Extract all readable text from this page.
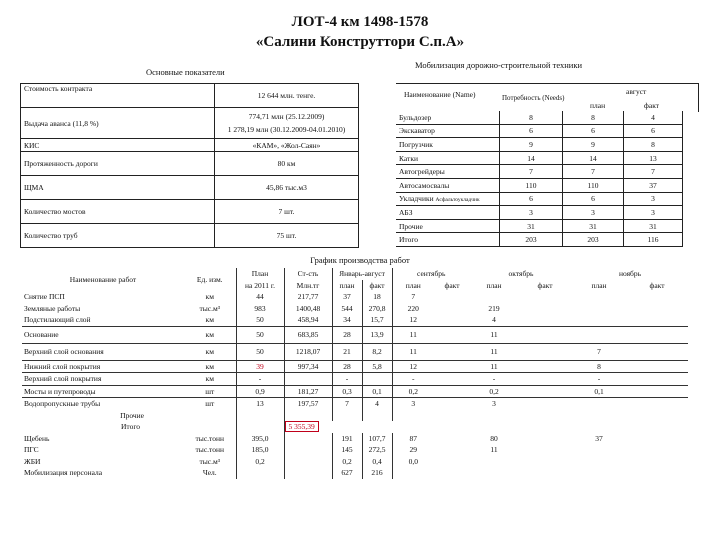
ЛОТ-4 км 1498-1578
«Салини Конструттори С.п.А»
Основные показатели
Мобилизация дорожно-строительной техники
Стоимость контракта	12 644 млн. тенге.
Выдача аванса (11,8 %)	774,71 млн (25.12.2009)
1 278,19 млн (30.12.2009-04.01.2010)

КИС	«КАМ», «Жол-Саян»
Протяженность дороги	80 км
ЩМА	45,86 тыс.м3
Количество мостов	7 шт.
Количество труб	75 шт.
Наименование (Name)	Потребность (Needs)
август
план	факт
Бульдозер	8	8	4
Экскаватор	6	6	6
Погрузчик	9	9	8
Катки	14	14	13
Автогрейдеры	7	7	7
Автосамосвалы	110	110	37
Укладчики Асфальтоукладчик	6	6	3
АБЗ	3	3	3
Прочие	31	31	31
Итого	203	203	116
График производства работ
Наименование работ	Ед. изм.	План	Ст-сть	Январь-август		сентябрь		октябрь		ноябрь	
		на 2011 г.	Млн.тг	план	факт	план	факт	план	факт	план	факт
Снятие ПСП	км	44	217,77	37	18	7					
Земляные работы	тыс.м³	983	1400,48	544	270,8	220		219			
Подстилающий слой	км	50	458,94	34	15,7	12		4			
Основание	км	50	683,85	28	13,9	11		11			
Верхний слой основания	км	50	1218,07	21	8,2	11		11		7	
Нижний слой покрытия	км	39	997,34	28	5,8	12		11		8	
Верхний слой покрытия	км	-		-		-		-		-	
Мосты и путепроводы	шт	0,9	181,27	0,3	0,1	0,2		0,2		0,1	
Водопропускные трубы	шт	13	197,57	7	4	3		3			
Прочие											
Итого			5 355,39								
Щебень	тыс.тонн	395,0		191	107,7	87		80		37	
ПГС	тыс.тонн	185,0		145	272,5	29		11			
ЖБИ	тыс.м³	0,2		0,2	0,4	0,0					
Мобилизация персонала	Чел.			627	216						
